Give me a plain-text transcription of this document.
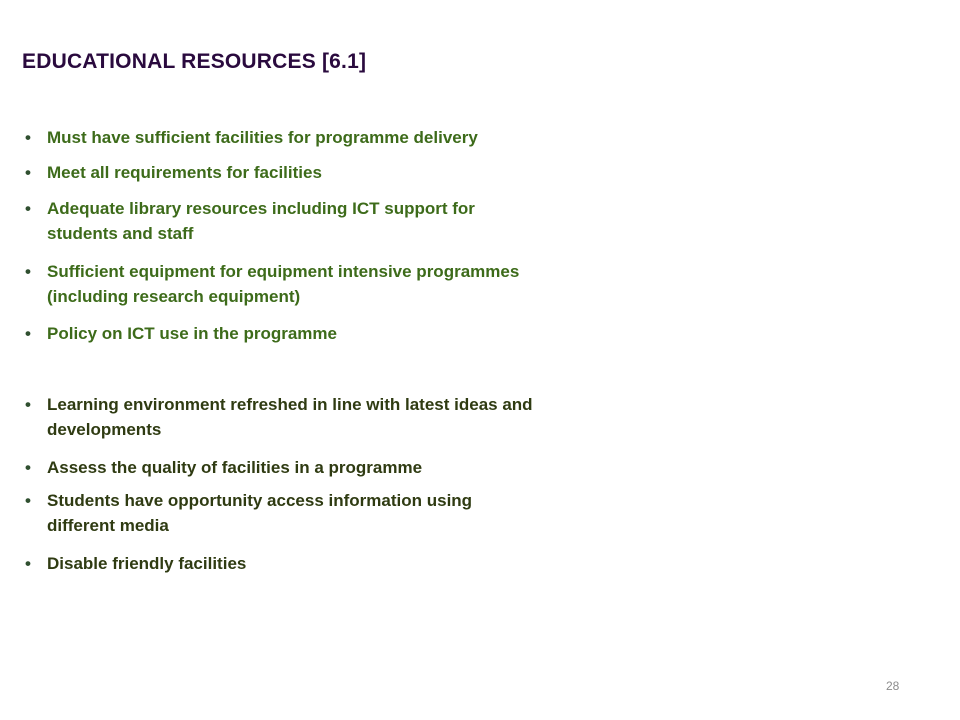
EDUCATIONAL RESOURCES [6.1]
• Must have sufficient facilities for programme delivery
• Meet all requirements for facilities
• Adequate library resources including ICT support for
students and staff
• Sufficient equipment for equipment intensive programmes
(including research equipment)
• Policy on ICT use in the programme
• Learning environment refreshed in line with latest ideas and
developments
• Assess the quality of facilities in a programme
• Students have opportunity access information using
different media
• Disable friendly facilities
28
